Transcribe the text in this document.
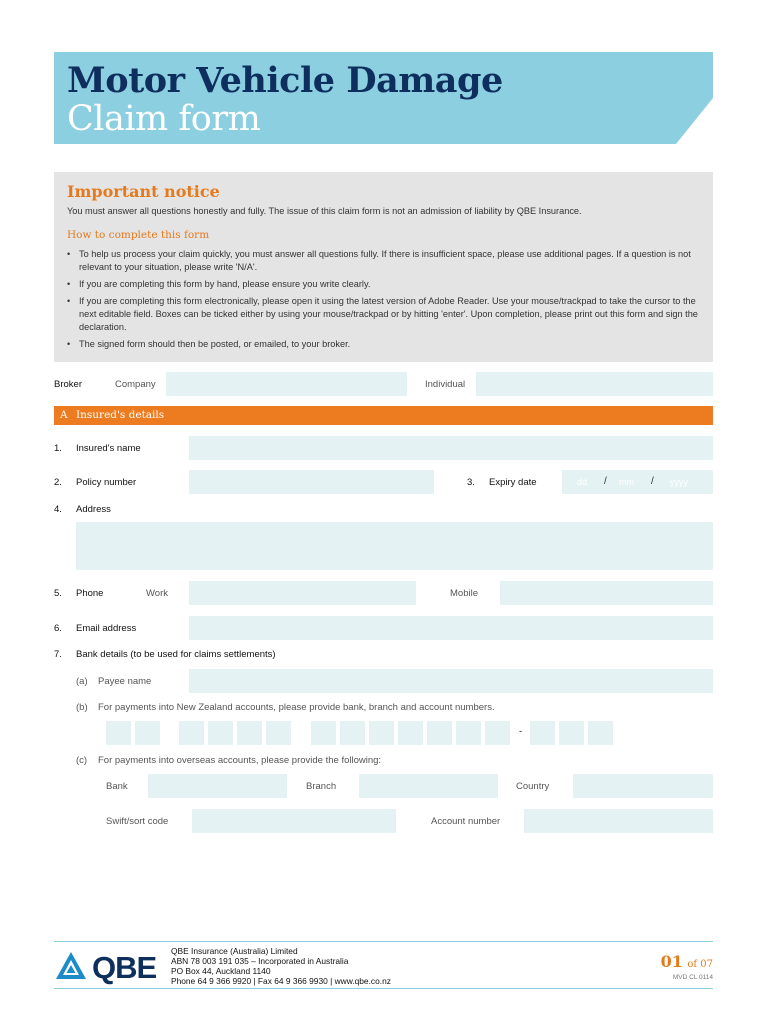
Motor Vehicle Damage
Claim form
Important notice
You must answer all questions honestly and fully. The issue of this claim form is not an admission of liability by QBE Insurance.
How to complete this form
• To help us process your claim quickly, you must answer all questions fully. If there is insufficient space, please use additional pages. If a question is not relevant to your situation, please write 'N/A'.
• If you are completing this form by hand, please ensure you write clearly.
• If you are completing this form electronically, please open it using the latest version of Adobe Reader. Use your mouse/trackpad to take the cursor to the next editable field. Boxes can be ticked either by using your mouse/trackpad or by hitting 'enter'. Upon completion, please print out this form and sign the declaration.
• The signed form should then be posted, or emailed, to your broker.
Broker	Company	Individual
A Insured's details
1. Insured's name
2. Policy number	3. Expiry date	dd / mm / yyyy
4. Address
5. Phone	Work	Mobile
6. Email address
7. Bank details (to be used for claims settlements)
(a) Payee name
(b) For payments into New Zealand accounts, please provide bank, branch and account numbers.
-
(c) For payments into overseas accounts, please provide the following:
Bank	Branch	Country
Swift/sort code	Account number
QBE QBE Insurance (Australia) Limited
ABN 78 003 191 035 – Incorporated in Australia
PO Box 44, Auckland 1140
Phone 64 9 366 9920 | Fax 64 9 366 9930 | www.qbe.co.nz
01 of 07
MVD CL 0114
